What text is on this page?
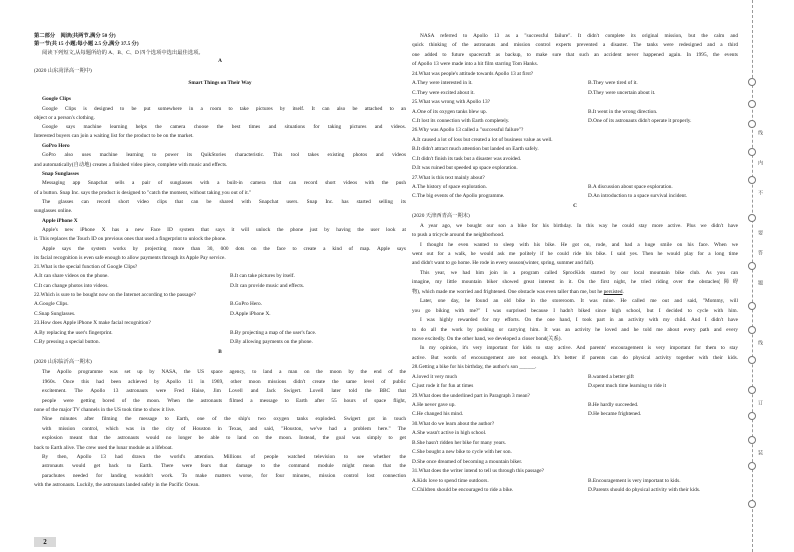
第二部分　阅读(共两节,满分 50 分)
第一节(共 15 小题;每小题 2.5 分,满分 37.5 分)
阅读下列短文,从每题所给的 A、B、C、D 四个选项中选出最佳选项。
A
(2020 山东菏泽高一期中)
Smart Things on Their Way
Google Clips
Google Clips is designed to be put somewhere in a room to take pictures by itself. It can also be attached to an
object or a person's clothing.
Google says machine learning helps the camera choose the best times and situations for taking pictures and videos.
Interested buyers can join a waiting list for the product to be on the market.
GoPro Hero
GoPro also uses machine learning to power its QuikStories characteristic. This tool takes existing photos and videos
and automatically(自动地) creates a finished video piece, complete with music and effects.
Snap Sunglasses
Messaging app Snapchat sells a pair of sunglasses with a built-in camera that can record short videos with the push
of a button. Snap Inc. says the product is designed to "catch the moment, without taking you out of it."
The glasses can record short video clips that can be shared with Snapchat users. Snap Inc. has started selling its
sunglasses online.
Apple iPhone X
Apple's new iPhone X has a new Face ID system that says it will unlock the phone just by having the user look at
it. This replaces the Touch ID on previous ones that used a fingerprint to unlock the phone.
Apple says the system works by projecting more than 30, 000 dots on the face to create a kind of map. Apple says
its facial recognition is even safe enough to allow payments through its Apple Pay service.
21.What is the special function of Google Clips?
A.It can share videos on the phone.	B.It can take pictures by itself.
C.It can change photos into videos.	D.It can provide music and effects.
22.Which is sure to be bought now on the Internet according to the passage?
A.Google Clips.	B.GoPro Hero.
C.Snap Sunglasses.	D.Apple iPhone X.
23.How does Apple iPhone X make facial recognition?
A.By replacing the user's fingerprint.	B.By projecting a map of the user's face.
C.By pressing a special button.	D.By allowing payments on the phone.
B
(2020 山东临沂高一期末)
The Apollo programme was set up by NASA, the US space agency, to land a man on the moon by the end of the
1960s. Once this had been achieved by Apollo 11 in 1969, other moon missions didn't create the same level of public
excitement. The Apollo 13 astronauts were Fred Haise, Jim Lovell and Jack Swigert. Lovell later told the BBC that
people were getting bored of the moon. When the astronauts filmed a message to Earth after 55 hours of space flight,
none of the major TV channels in the US took time to show it live.
Nine minutes after filming the message to Earth, one of the ship's two oxygen tanks exploded. Swigert got in touch
with mission control, which was in the city of Houston in Texas, and said, "Houston, we've had a problem here." The
explosion meant that the astronauts would no longer be able to land on the moon. Instead, the goal was simply to get
back to Earth alive. The crew used the lunar module as a lifeboat.
By then, Apollo 13 had drawn the world's attention. Millions of people watched television to see whether the
astronauts would get back to Earth. There were fears that damage to the command module might mean that the
parachutes needed for landing wouldn't work. To make matters worse, for four minutes, mission control lost connection
with the astronauts. Luckily, the astronauts landed safely in the Pacific Ocean.
NASA referred to Apollo 13 as a "successful failure". It didn't complete its original mission, but the calm and
quick thinking of the astronauts and mission control experts prevented a disaster. The tanks were redesigned and a third
one added to future spacecraft as backup, to make sure that such an accident never happened again. In 1995, the events
of Apollo 13 were made into a hit film starring Tom Hanks.
24.What was people's attitude towards Apollo 13 at first?
A.They were interested in it.	B.They were tired of it.
C.They were excited about it.	D.They were uncertain about it.
25.What was wrong with Apollo 13?
A.One of its oxygen tanks blew up.	B.It went in the wrong direction.
C.It lost its connection with Earth completely.	D.One of its astronauts didn't operate it properly.
26.Why was Apollo 13 called a "successful failure"?
A.It caused a lot of loss but created a lot of business value as well.
B.It didn't attract much attention but landed on Earth safely.
C.It didn't finish its task but a disaster was avoided.
D.It was ruined but speeded up space exploration.
27.What is this text mainly about?
A.The history of space exploration.	B.A discussion about space exploration.
C.The big events of the Apollo programme.	D.An introduction to a space survival incident.
C
(2020 天津西青高一期末)
A year ago, we bought our son a bike for his birthday. In this way he could stay more active. Plus we didn't have
to push a tricycle around the neighborhood.
I thought he even wanted to sleep with his bike. He got on, rode, and had a huge smile on his face. When we
went out for a walk, he would ask me politely if he could ride his bike. I said yes. Then he would play for a long time
and didn't want to go home. He rode in every season(winter, spring, summer and fall).
This year, we had him join in a program called SprocKids started by our local mountain bike club. As you can
imagine, my little mountain biker showed great interest in it. On the first night, he tried riding over the obstacles(障碍
Later, one day, he found an old bike in the storeroom. It was mine. He called me out and said, "Mommy, will
you go biking with me?" I was surprised because I hadn't biked since high school, but I decided to cycle with him.
I was highly rewarded for my efforts. On the one hand, I took part in an activity with my child. And I didn't have
to do all the work by pushing or carrying him. It was an activity he loved and he told me about every path and every
move excitedly. On the other hand, we developed a closer bond(关系).
In my opinion, it's very important for kids to stay active. And parents' encouragement is very important for them to stay
active. But words of encouragement are not enough. It's better if parents can do physical activity together with their kids.
28.Getting a bike for his birthday, the author's son ______.
A.loved it very much	B.wanted a better gift
C.just rode it for fun at times	D.spent much time learning to ride it
29.What does the underlined part in Paragraph 3 mean?
A.He never gave up.	B.He hardly succeeded.
C.He changed his mind.	D.He became frightened.
30.What do we learn about the author?
A.She wasn't active in high school.
B.She hasn't ridden her bike for many years.
C.She bought a new bike to cycle with her son.
D.She once dreamed of becoming a mountain biker.
31.What does the writer intend to tell us through this passage?
A.Kids love to spend time outdoors.	B.Encouragement is very important to kids.
C.Children should be encouraged to ride a bike.	D.Parents should do physical activity with their kids.
物), which made me worried and frightened. One obstacle was even taller than me, but he persisted.
2
线
内
不
要
答
题
线
订
装
